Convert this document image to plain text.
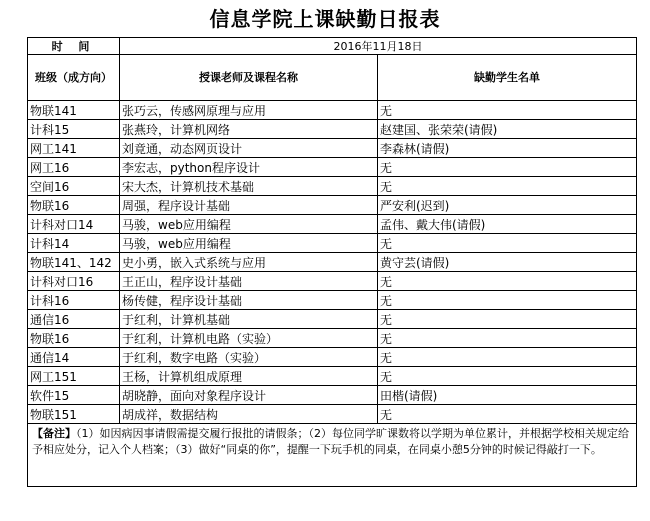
信息学院上课缺勤日报表
时 间	2016年11月18日	
班级（成方向）	授课老师及课程名称	缺勤学生名单
物联141	张巧云，传感网原理与应用	无
计科15	张燕玲，计算机网络	赵建国、张荣荣(请假)
网工141	刘竟通，动态网页设计	李森林(请假)
网工16	李宏志，python程序设计	无
空间16	宋大杰，计算机技术基础	无
物联16	周强，程序设计基础	严安利(迟到)
计科对口14	马骏，web应用编程	孟伟、戴大伟(请假)
计科14	马骏，web应用编程	无
物联141、142	史小勇，嵌入式系统与应用	黄守芸(请假)
计科对口16	王正山，程序设计基础	无
计科16	杨传健，程序设计基础	无
通信16	于红利，计算机基础	无
物联16	于红利，计算机电路（实验）	无
通信14	于红利，数字电路（实验）	无
网工151	王杨，计算机组成原理	无
软件15	胡晓静，面向对象程序设计	田楷(请假)
物联151	胡成祥，数据结构	无
【备注】（1）如因病因事请假需提交履行报批的请假条；（2）每位同学旷课数将以学期为单位累计，并根据学校相关规定给予相应处分，记入个人档案；（3）做好“同桌的你”，提醒一下玩手机的同桌，在同桌小憩5分钟的时候记得敲打一下。		
